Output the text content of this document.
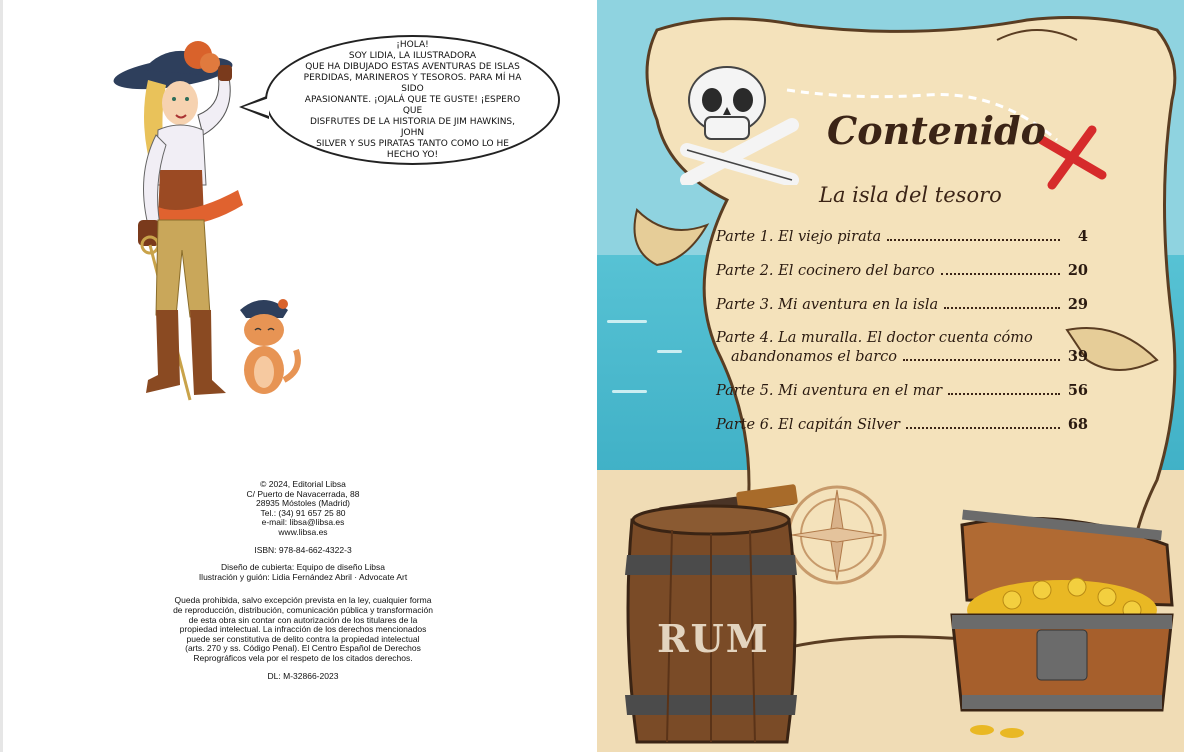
¡HOLA!
SOY LIDIA, LA ILUSTRADORA
QUE HA DIBUJADO ESTAS AVENTURAS DE ISLAS
PERDIDAS, MARINEROS Y TESOROS. PARA MÍ HA SIDO
APASIONANTE. ¡OJALÁ QUE TE GUSTE! ¡ESPERO QUE
DISFRUTES DE LA HISTORIA DE JIM HAWKINS, JOHN
SILVER Y SUS PIRATAS TANTO COMO LO HE
HECHO YO!
© 2024, Editorial Libsa
C/ Puerto de Navacerrada, 88
28935 Móstoles (Madrid)
Tel.: (34) 91 657 25 80
e-mail: libsa@libsa.es
www.libsa.es
ISBN: 978-84-662-4322-3
Diseño de cubierta: Equipo de diseño Libsa
Ilustración y guión: Lidia Fernández Abril · Advocate Art
Queda prohibida, salvo excepción prevista en la ley, cualquier forma
de reproducción, distribución, comunicación pública y transformación
de esta obra sin contar con autorización de los titulares de la
propiedad intelectual. La infracción de los derechos mencionados
puede ser constitutiva de delito contra la propiedad intelectual
(arts. 270 y ss. Código Penal). El Centro Español de Derechos
Reprográficos vela por el respeto de los citados derechos.
DL: M-32866-2023
Contenido
La isla del tesoro
Parte 1. El viejo pirata	4
Parte 2. El cocinero del barco	20
Parte 3. Mi aventura en la isla	29
Parte 4. La muralla. El doctor cuenta cómo
abandonamos el barco	39
Parte 5. Mi aventura en el mar	56
Parte 6. El capitán Silver	68
RUM
